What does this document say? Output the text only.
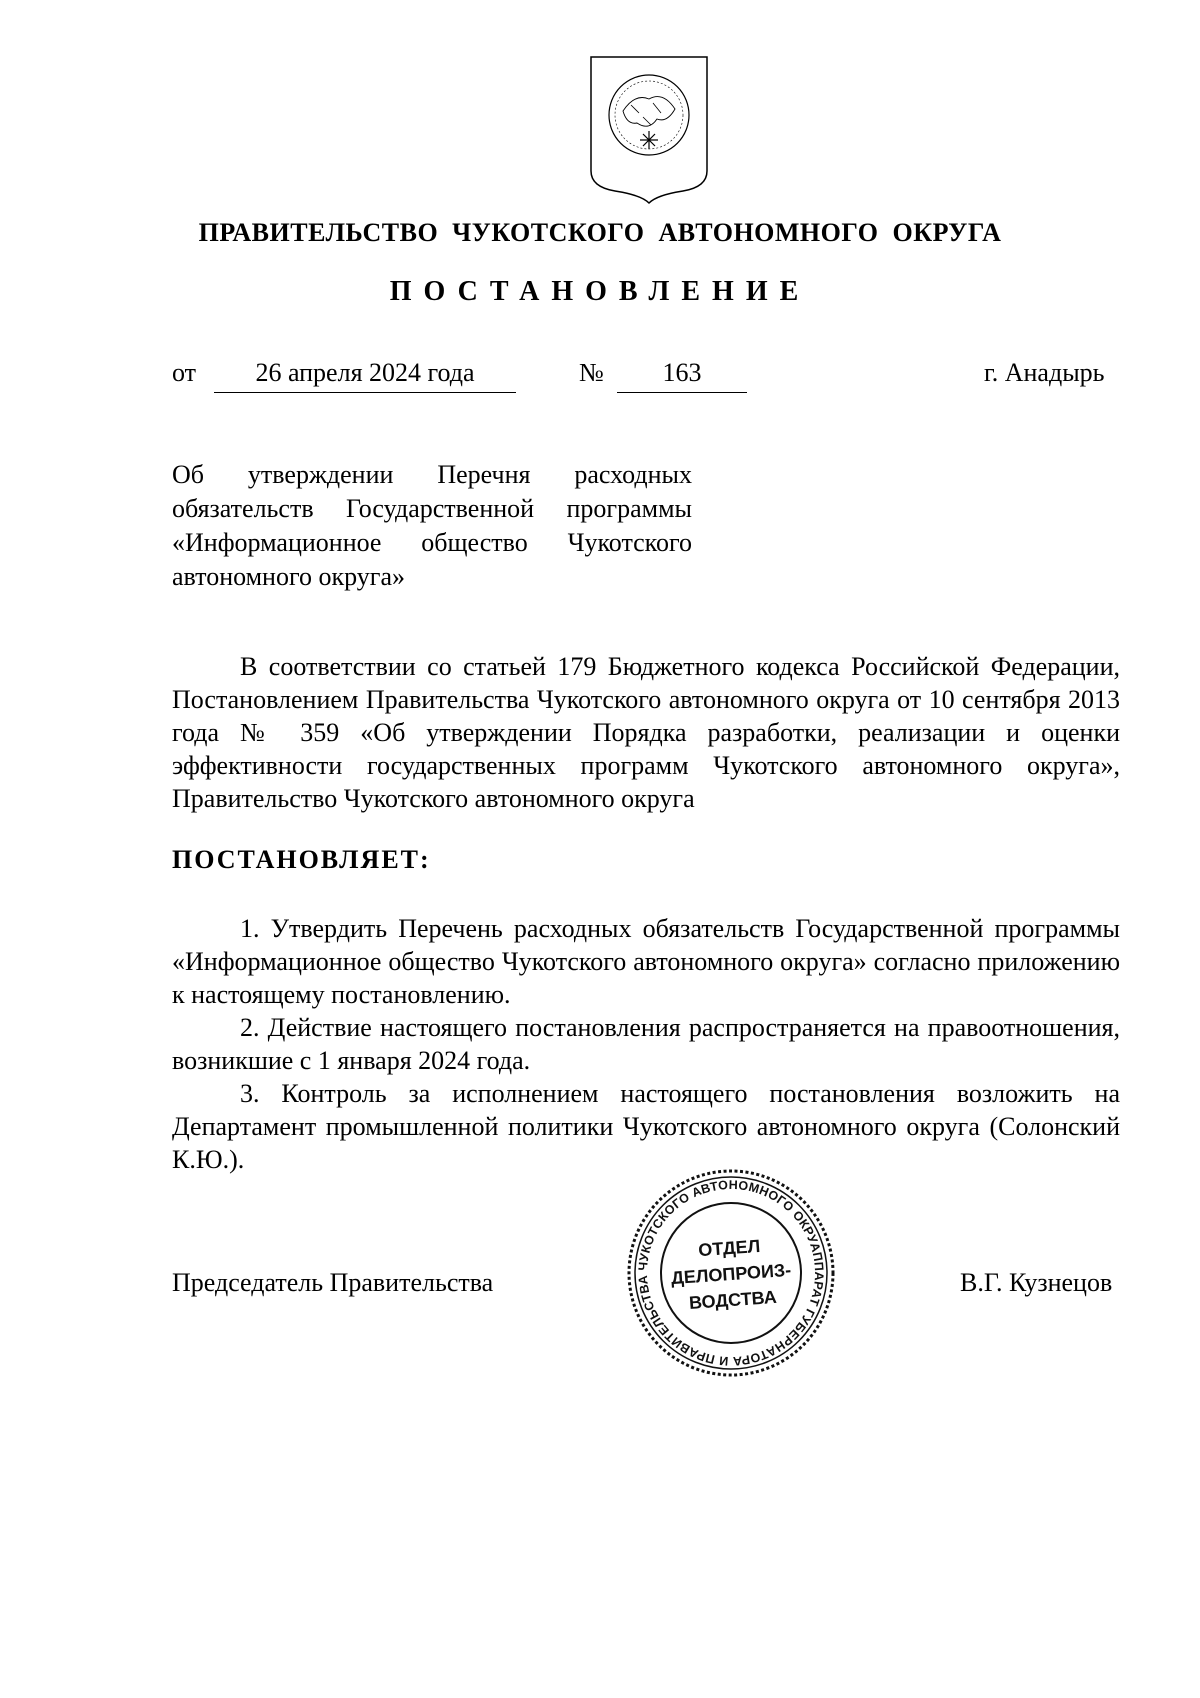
ПРАВИТЕЛЬСТВО  ЧУКОТСКОГО  АВТОНОМНОГО  ОКРУГА
ПОСТАНОВЛЕНИЕ
от	26 апреля 2024 года	№	163	г. Анадырь
Об утверждении Перечня расходных обязательств Государственной программы «Информационное общество Чукотского автономного округа»

В соответствии со статьей 179 Бюджетного кодекса Российской Федерации, Постановлением Правительства Чукотского автономного округа от 10 сентября 2013 года № 359 «Об утверждении Порядка разработки, реализации и оценки эффективности государственных программ Чукотского автономного округа», Правительство Чукотского автономного округа

ПОСТАНОВЛЯЕТ:

1. Утвердить Перечень расходных обязательств Государственной программы «Информационное общество Чукотского автономного округа» согласно приложению к настоящему постановлению.

2. Действие настоящего постановления распространяется на правоотношения, возникшие с 1 января 2024 года.

3. Контроль за исполнением настоящего постановления возложить на Департамент промышленной политики Чукотского автономного округа (Солонский К.Ю.).

Председатель Правительства	В.Г. Кузнецов
АППАРАТ ГУБЕРНАТОРА И ПРАВИТЕЛЬСТВА ЧУКОТСКОГО АВТОНОМНОГО ОКРУГА
ОТДЕЛ
ДЕЛОПРОИЗ-
ВОДСТВА
